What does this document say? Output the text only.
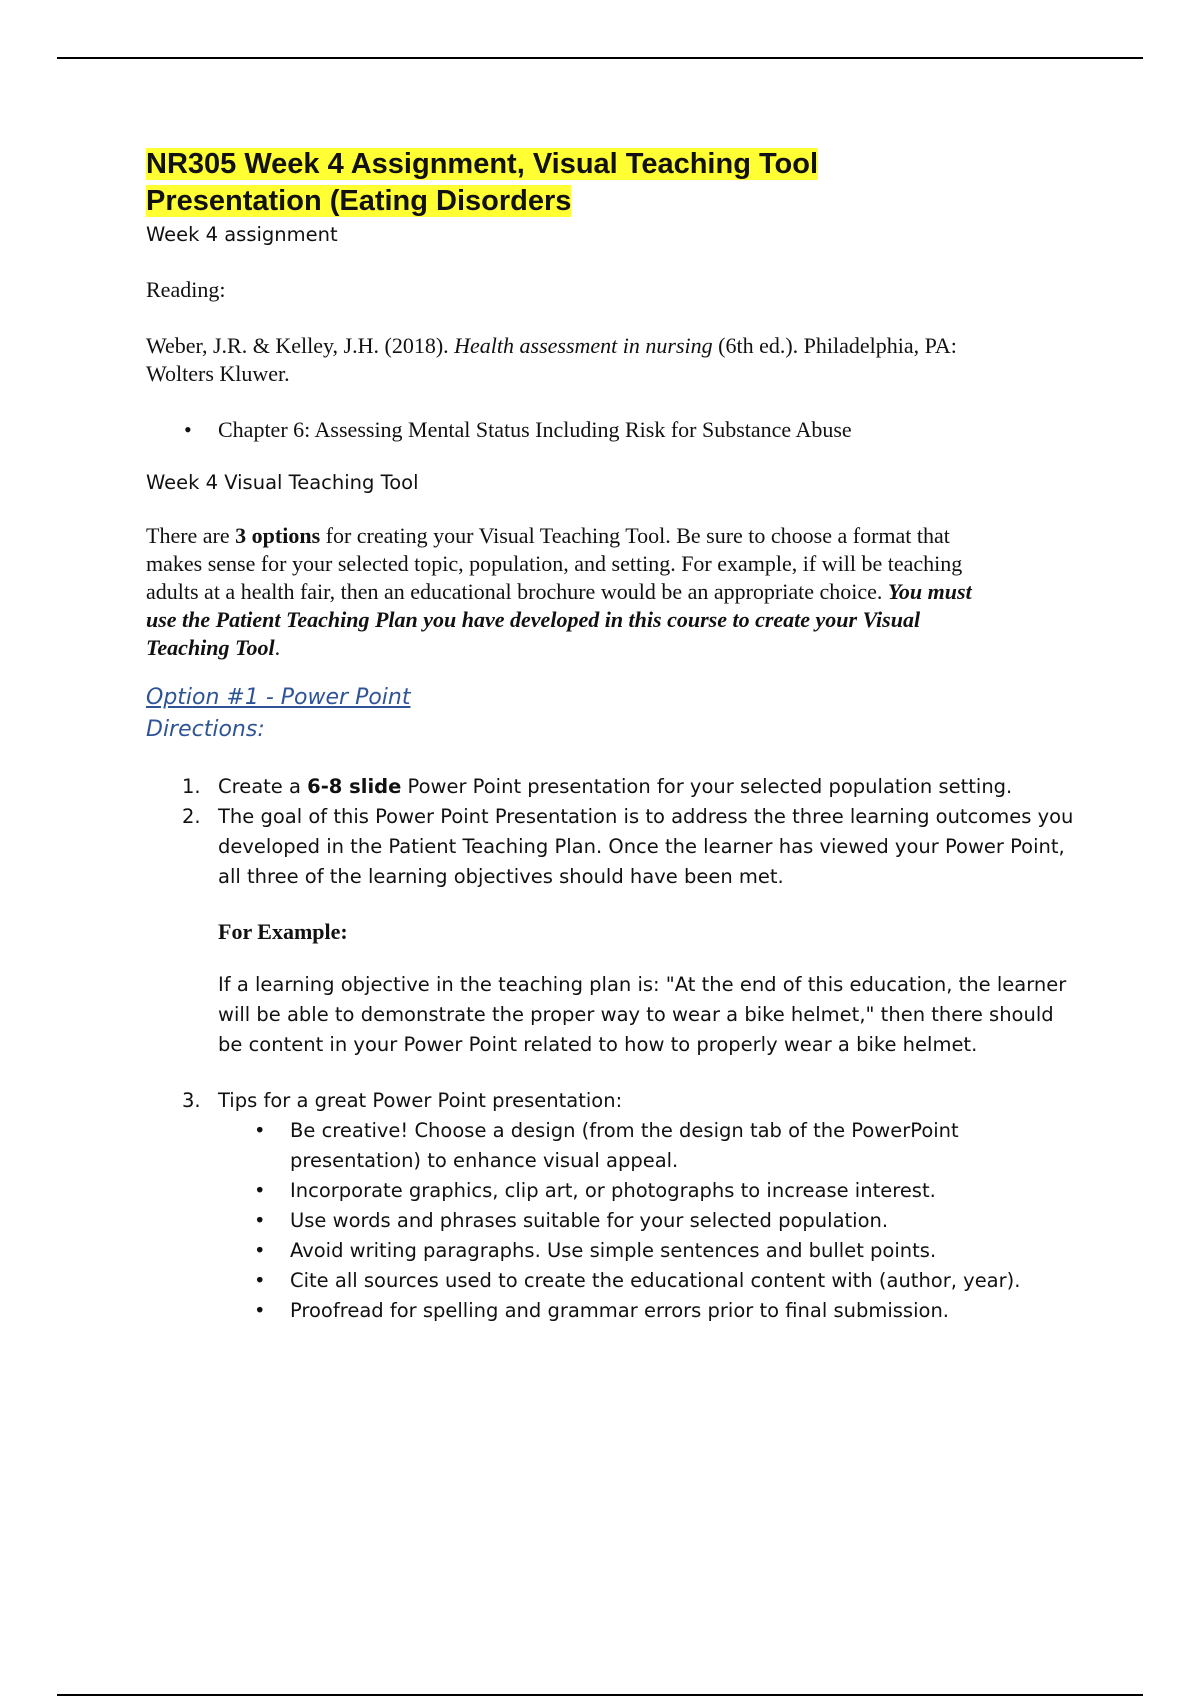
NR305 Week 4 Assignment, Visual Teaching Tool
Presentation (Eating Disorders

Week 4 assignment

Reading:

Weber, J.R. & Kelley, J.H. (2018). Health assessment in nursing (6th ed.). Philadelphia, PA:
Wolters Kluwer.

• Chapter 6: Assessing Mental Status Including Risk for Substance Abuse

Week 4 Visual Teaching Tool

There are 3 options for creating your Visual Teaching Tool. Be sure to choose a format that
makes sense for your selected topic, population, and setting. For example, if will be teaching
adults at a health fair, then an educational brochure would be an appropriate choice. You must
use the Patient Teaching Plan you have developed in this course to create your Visual
Teaching Tool.

Option #1 - Power Point

Directions:

1. Create a 6-8 slide Power Point presentation for your selected population setting.
2. The goal of this Power Point Presentation is to address the three learning outcomes you
developed in the Patient Teaching Plan. Once the learner has viewed your Power Point,
all three of the learning objectives should have been met.

For Example:

If a learning objective in the teaching plan is: "At the end of this education, the learner
will be able to demonstrate the proper way to wear a bike helmet," then there should
be content in your Power Point related to how to properly wear a bike helmet.

3. Tips for a great Power Point presentation:
• Be creative! Choose a design (from the design tab of the PowerPoint
presentation) to enhance visual appeal.
• Incorporate graphics, clip art, or photographs to increase interest.
• Use words and phrases suitable for your selected population.
• Avoid writing paragraphs. Use simple sentences and bullet points.
• Cite all sources used to create the educational content with (author, year).
• Proofread for spelling and grammar errors prior to final submission.
